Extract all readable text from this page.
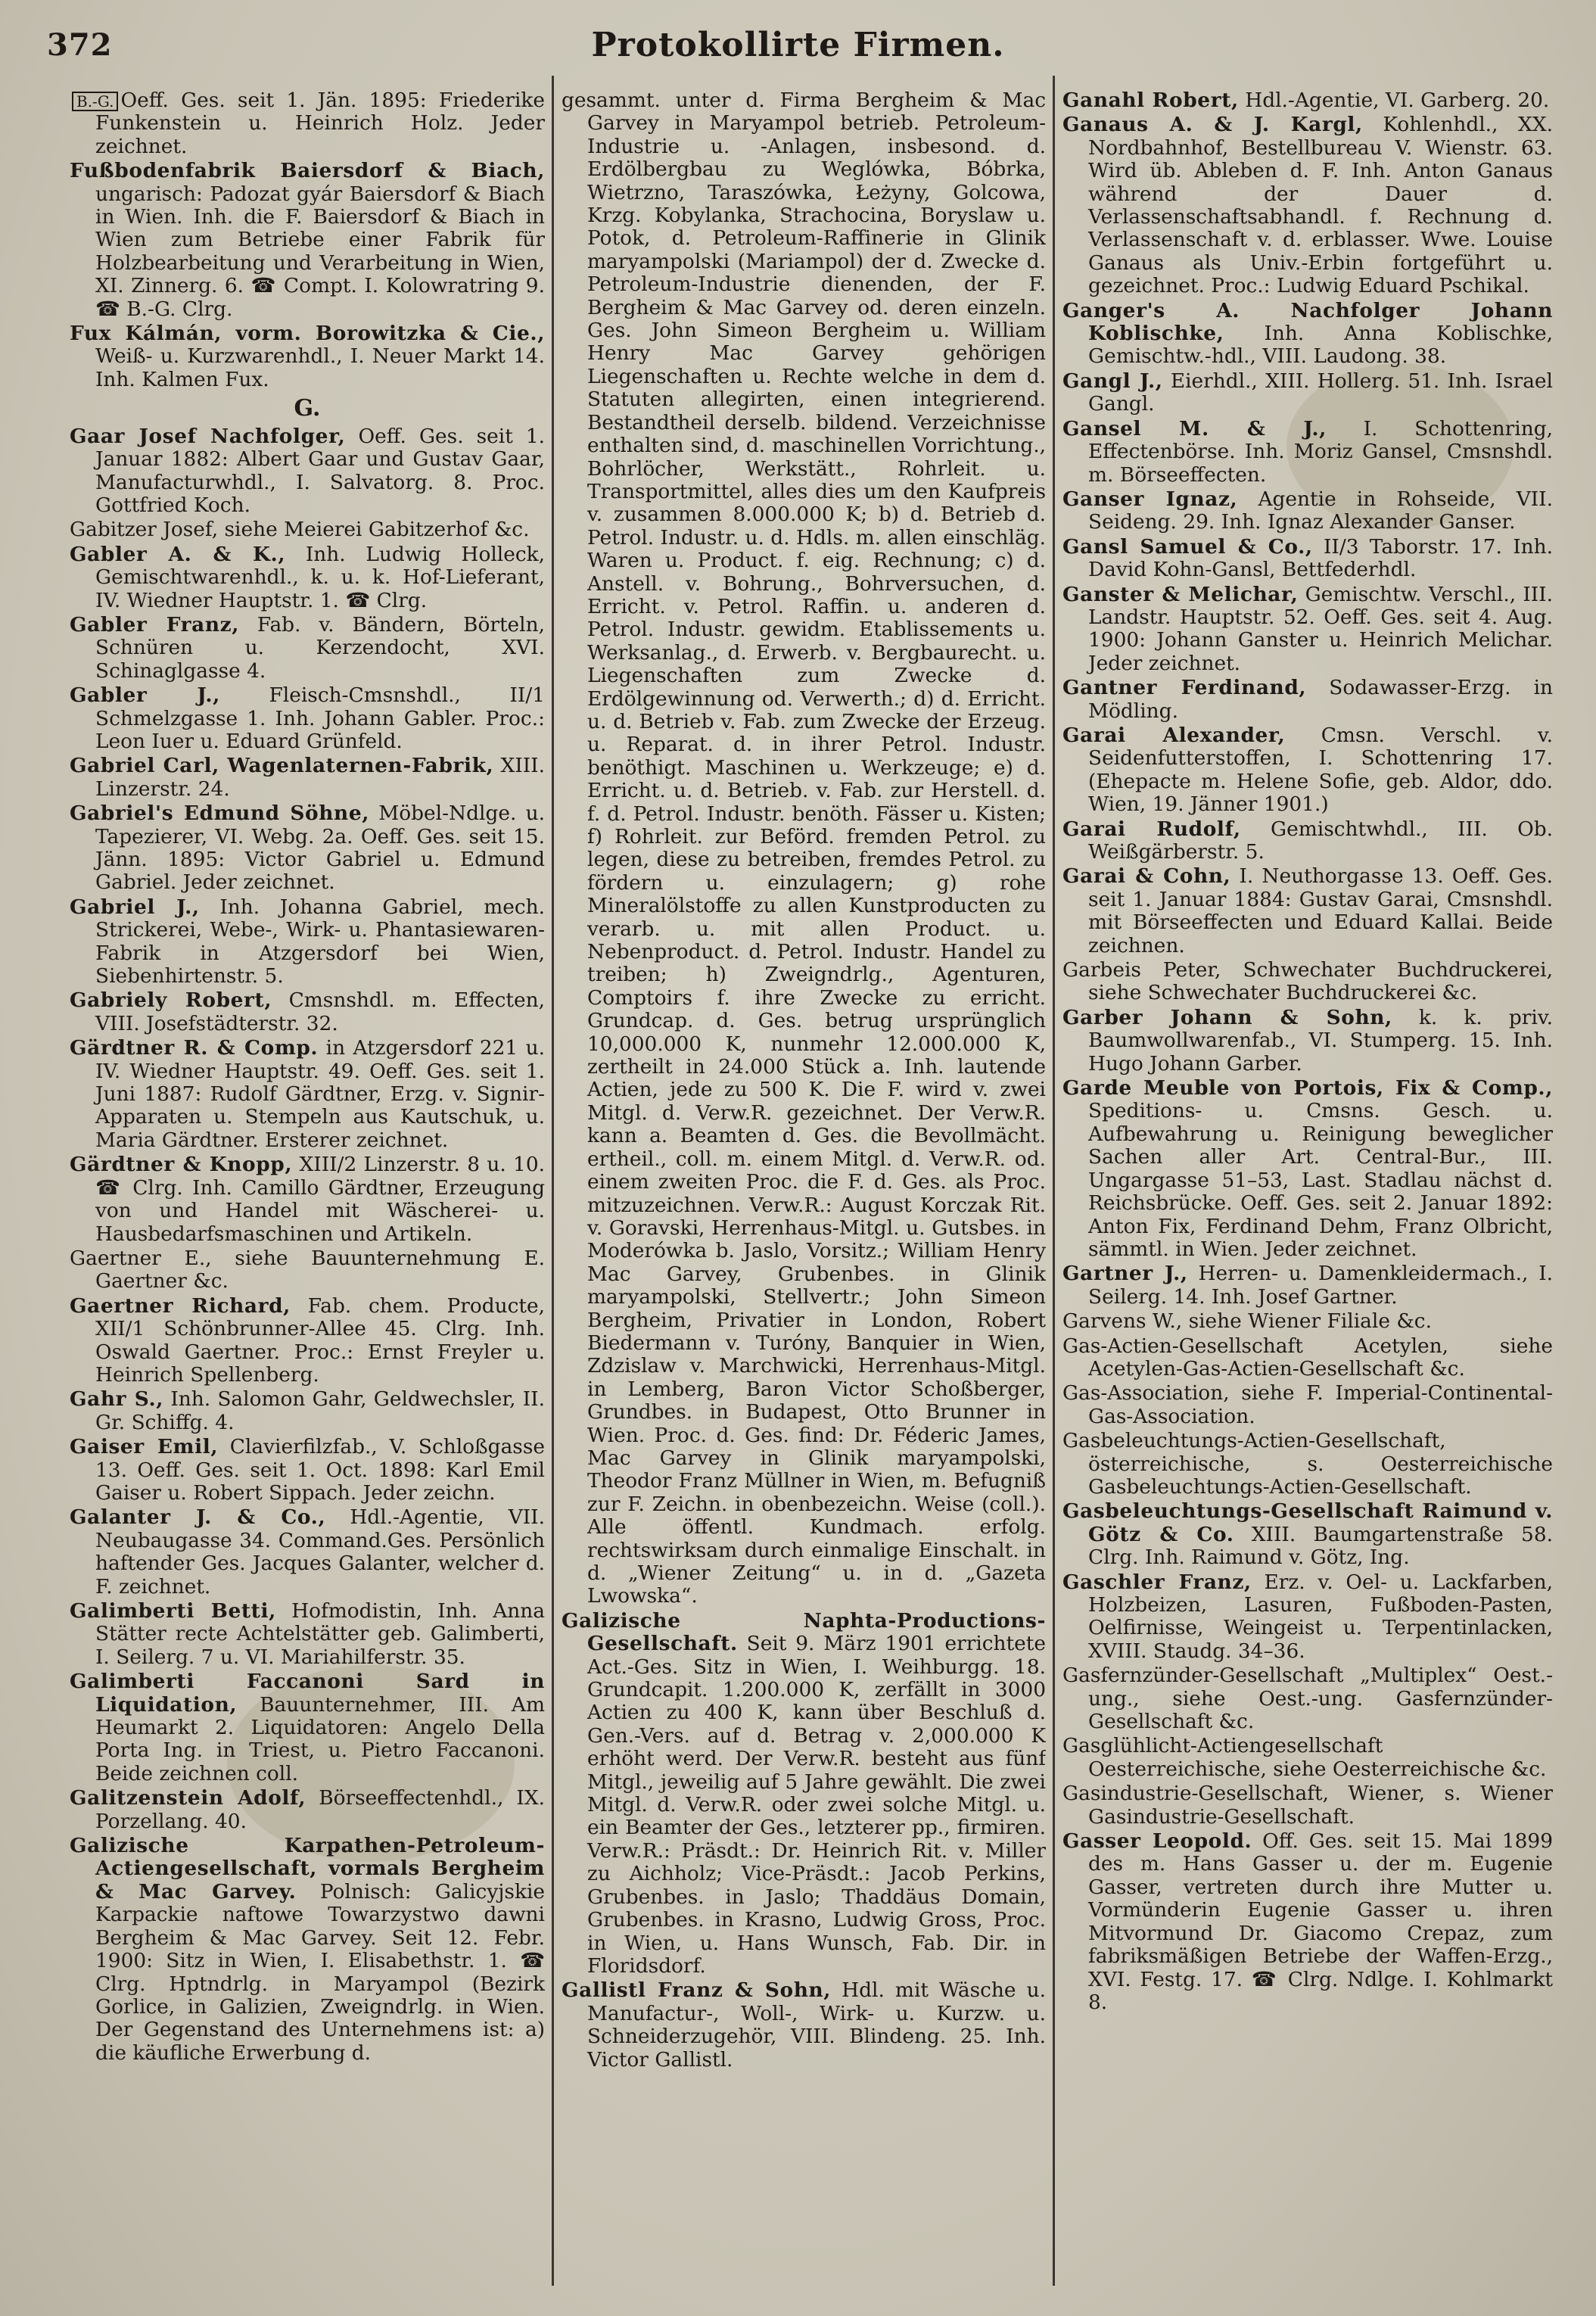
372	Protokollirte Firmen.
B.-G. Oeff. Ges. seit 1. Jän. 1895: Friederike Funkenstein u. Heinrich Holz. Jeder zeichnet.
Fußbodenfabrik Baiersdorf & Biach, ungarisch: Padozat gyár Baiersdorf & Biach in Wien. Inh. die F. Baiersdorf & Biach in Wien zum Betriebe einer Fabrik für Holzbearbeitung und Verarbeitung in Wien, XI. Zinnerg. 6. ☎ Compt. I. Kolowratring 9. ☎ B.-G. Clrg.
Fux Kálmán, vorm. Borowitzka & Cie., Weiß- u. Kurzwarenhdl., I. Neuer Markt 14. Inh. Kalmen Fux.
G.
Gaar Josef Nachfolger, Oeff. Ges. seit 1. Januar 1882: Albert Gaar und Gustav Gaar, Manufacturwhdl., I. Salvatorg. 8. Proc. Gottfried Koch.
Gabitzer Josef, siehe Meierei Gabitzerhof &c.
Gabler A. & K., Inh. Ludwig Holleck, Gemischtwarenhdl., k. u. k. Hof-Lieferant, IV. Wiedner Hauptstr. 1. ☎ Clrg.
Gabler Franz, Fab. v. Bändern, Börteln, Schnüren u. Kerzendocht, XVI. Schinaglgasse 4.
Gabler J., Fleisch-Cmsnshdl., II/1 Schmelzgasse 1. Inh. Johann Gabler. Proc.: Leon Iuer u. Eduard Grünfeld.
Gabriel Carl, Wagenlaternen-Fabrik, XIII. Linzerstr. 24.
Gabriel's Edmund Söhne, Möbel-Ndlge. u. Tapezierer, VI. Webg. 2a. Oeff. Ges. seit 15. Jänn. 1895: Victor Gabriel u. Edmund Gabriel. Jeder zeichnet.
Gabriel J., Inh. Johanna Gabriel, mech. Strickerei, Webe-, Wirk- u. Phantasiewaren-Fabrik in Atzgersdorf bei Wien, Siebenhirtenstr. 5.
Gabriely Robert, Cmsnshdl. m. Effecten, VIII. Josefstädterstr. 32.
Gärdtner R. & Comp. in Atzgersdorf 221 u. IV. Wiedner Hauptstr. 49. Oeff. Ges. seit 1. Juni 1887: Rudolf Gärdtner, Erzg. v. Signir-Apparaten u. Stempeln aus Kautschuk, u. Maria Gärdtner. Ersterer zeichnet.
Gärdtner & Knopp, XIII/2 Linzerstr. 8 u. 10. ☎ Clrg. Inh. Camillo Gärdtner, Erzeugung von und Handel mit Wäscherei- u. Hausbedarfsmaschinen und Artikeln.
Gaertner E., siehe Bauunternehmung E. Gaertner &c.
Gaertner Richard, Fab. chem. Producte, XII/1 Schönbrunner-Allee 45. Clrg. Inh. Oswald Gaertner. Proc.: Ernst Freyler u. Heinrich Spellenberg.
Gahr S., Inh. Salomon Gahr, Geldwechsler, II. Gr. Schiffg. 4.
Gaiser Emil, Clavierfilzfab., V. Schloßgasse 13. Oeff. Ges. seit 1. Oct. 1898: Karl Emil Gaiser u. Robert Sippach. Jeder zeichn.
Galanter J. & Co., Hdl.-Agentie, VII. Neubaugasse 34. Command.Ges. Persönlich haftender Ges. Jacques Galanter, welcher d. F. zeichnet.
Galimberti Betti, Hofmodistin, Inh. Anna Stätter recte Achtelstätter geb. Galimberti, I. Seilerg. 7 u. VI. Mariahilferstr. 35.
Galimberti Faccanoni Sard in Liquidation, Bauunternehmer, III. Am Heumarkt 2. Liquidatoren: Angelo Della Porta Ing. in Triest, u. Pietro Faccanoni. Beide zeichnen coll.
Galitzenstein Adolf, Börseeffectenhdl., IX. Porzellang. 40.
Galizische Karpathen-Petroleum-Actiengesellschaft, vormals Bergheim & Mac Garvey. Polnisch: Galicyjskie Karpackie naftowe Towarzystwo dawni Bergheim & Mac Garvey. Seit 12. Febr. 1900: Sitz in Wien, I. Elisabethstr. 1. ☎ Clrg. Hptndrlg. in Maryampol (Bezirk Gorlice, in Galizien, Zweigndrlg. in Wien. Der Gegenstand des Unternehmens ist: a) die käufliche Erwerbung d.
gesammt. unter d. Firma Bergheim & Mac Garvey in Maryampol betrieb. Petroleum-Industrie u. -Anlagen, insbesond. d. Erdölbergbau zu Weglówka, Bóbrka, Wietrzno, Taraszówka, Łeżyny, Golcowa, Krzg. Kobylanka, Strachocina, Boryslaw u. Potok, d. Petroleum-Raffinerie in Glinik maryampolski (Mariampol) der d. Zwecke d. Petroleum-Industrie dienenden, der F. Bergheim & Mac Garvey od. deren einzeln. Ges. John Simeon Bergheim u. William Henry Mac Garvey gehörigen Liegenschaften u. Rechte welche in dem d. Statuten allegirten, einen integrierend. Bestandtheil derselb. bildend. Verzeichnisse enthalten sind, d. maschinellen Vorrichtung., Bohrlöcher, Werkstätt., Rohrleit. u. Transportmittel, alles dies um den Kaufpreis v. zusammen 8.000.000 K; b) d. Betrieb d. Petrol. Industr. u. d. Hdls. m. allen einschläg. Waren u. Product. f. eig. Rechnung; c) d. Anstell. v. Bohrung., Bohrversuchen, d. Erricht. v. Petrol. Raffin. u. anderen d. Petrol. Industr. gewidm. Etablissements u. Werksanlag., d. Erwerb. v. Bergbaurecht. u. Liegenschaften zum Zwecke d. Erdölgewinnung od. Verwerth.; d) d. Erricht. u. d. Betrieb v. Fab. zum Zwecke der Erzeug. u. Reparat. d. in ihrer Petrol. Industr. benöthigt. Maschinen u. Werkzeuge; e) d. Erricht. u. d. Betrieb. v. Fab. zur Herstell. d. f. d. Petrol. Industr. benöth. Fässer u. Kisten; f) Rohrleit. zur Beförd. fremden Petrol. zu legen, diese zu betreiben, fremdes Petrol. zu fördern u. einzulagern; g) rohe Mineralölstoffe zu allen Kunstproducten zu verarb. u. mit allen Product. u. Nebenproduct. d. Petrol. Industr. Handel zu treiben; h) Zweigndrlg., Agenturen, Comptoirs f. ihre Zwecke zu erricht. Grundcap. d. Ges. betrug ursprünglich 10,000.000 K, nunmehr 12.000.000 K, zertheilt in 24.000 Stück a. Inh. lautende Actien, jede zu 500 K. Die F. wird v. zwei Mitgl. d. Verw.R. gezeichnet. Der Verw.R. kann a. Beamten d. Ges. die Bevollmächt. ertheil., coll. m. einem Mitgl. d. Verw.R. od. einem zweiten Proc. die F. d. Ges. als Proc. mitzuzeichnen. Verw.R.: August Korczak Rit. v. Goravski, Herrenhaus-Mitgl. u. Gutsbes. in Moderówka b. Jaslo, Vorsitz.; William Henry Mac Garvey, Grubenbes. in Glinik maryampolski, Stellvertr.; John Simeon Bergheim, Privatier in London, Robert Biedermann v. Turóny, Banquier in Wien, Zdzislaw v. Marchwicki, Herrenhaus-Mitgl. in Lemberg, Baron Victor Schoßberger, Grundbes. in Budapest, Otto Brunner in Wien. Proc. d. Ges. find: Dr. Féderic James, Mac Garvey in Glinik maryampolski, Theodor Franz Müllner in Wien, m. Befugniß zur F. Zeichn. in obenbezeichn. Weise (coll.). Alle öffentl. Kundmach. erfolg. rechtswirksam durch einmalige Einschalt. in d. „Wiener Zeitung“ u. in d. „Gazeta Lwowska“.
Galizische Naphta-Productions-Gesellschaft. Seit 9. März 1901 errichtete Act.-Ges. Sitz in Wien, I. Weihburgg. 18. Grundcapit. 1.200.000 K, zerfällt in 3000 Actien zu 400 K, kann über Beschluß d. Gen.-Vers. auf d. Betrag v. 2,000.000 K erhöht werd. Der Verw.R. besteht aus fünf Mitgl., jeweilig auf 5 Jahre gewählt. Die zwei Mitgl. d. Verw.R. oder zwei solche Mitgl. u. ein Beamter der Ges., letzterer pp., firmiren. Verw.R.: Präsdt.: Dr. Heinrich Rit. v. Miller zu Aichholz; Vice-Präsdt.: Jacob Perkins, Grubenbes. in Jaslo; Thaddäus Domain, Grubenbes. in Krasno, Ludwig Gross, Proc. in Wien, u. Hans Wunsch, Fab. Dir. in Floridsdorf.
Gallistl Franz & Sohn, Hdl. mit Wäsche u. Manufactur-, Woll-, Wirk- u. Kurzw. u. Schneiderzugehör, VIII. Blindeng. 25. Inh. Victor Gallistl.
Ganahl Robert, Hdl.-Agentie, VI. Garberg. 20.
Ganaus A. & J. Kargl, Kohlenhdl., XX. Nordbahnhof, Bestellbureau V. Wienstr. 63. Wird üb. Ableben d. F. Inh. Anton Ganaus während der Dauer d. Verlassenschaftsabhandl. f. Rechnung d. Verlassenschaft v. d. erblasser. Wwe. Louise Ganaus als Univ.-Erbin fortgeführt u. gezeichnet. Proc.: Ludwig Eduard Pschikal.
Ganger's A. Nachfolger Johann Koblischke, Inh. Anna Koblischke, Gemischtw.-hdl., VIII. Laudong. 38.
Gangl J., Eierhdl., XIII. Hollerg. 51. Inh. Israel Gangl.
Gansel M. & J., I. Schottenring, Effectenbörse. Inh. Moriz Gansel, Cmsnshdl. m. Börseeffecten.
Ganser Ignaz, Agentie in Rohseide, VII. Seideng. 29. Inh. Ignaz Alexander Ganser.
Gansl Samuel & Co., II/3 Taborstr. 17. Inh. David Kohn-Gansl, Bettfederhdl.
Ganster & Melichar, Gemischtw. Verschl., III. Landstr. Hauptstr. 52. Oeff. Ges. seit 4. Aug. 1900: Johann Ganster u. Heinrich Melichar. Jeder zeichnet.
Gantner Ferdinand, Sodawasser-Erzg. in Mödling.
Garai Alexander, Cmsn. Verschl. v. Seidenfutterstoffen, I. Schottenring 17. (Ehepacte m. Helene Sofie, geb. Aldor, ddo. Wien, 19. Jänner 1901.)
Garai Rudolf, Gemischtwhdl., III. Ob. Weißgärberstr. 5.
Garai & Cohn, I. Neuthorgasse 13. Oeff. Ges. seit 1. Januar 1884: Gustav Garai, Cmsnshdl. mit Börseeffecten und Eduard Kallai. Beide zeichnen.
Garbeis Peter, Schwechater Buchdruckerei, siehe Schwechater Buchdruckerei &c.
Garber Johann & Sohn, k. k. priv. Baumwollwarenfab., VI. Stumperg. 15. Inh. Hugo Johann Garber.
Garde Meuble von Portois, Fix & Comp., Speditions- u. Cmsns. Gesch. u. Aufbewahrung u. Reinigung beweglicher Sachen aller Art. Central-Bur., III. Ungargasse 51–53, Last. Stadlau nächst d. Reichsbrücke. Oeff. Ges. seit 2. Januar 1892: Anton Fix, Ferdinand Dehm, Franz Olbricht, sämmtl. in Wien. Jeder zeichnet.
Gartner J., Herren- u. Damenkleidermach., I. Seilerg. 14. Inh. Josef Gartner.
Garvens W., siehe Wiener Filiale &c.
Gas-Actien-Gesellschaft Acetylen, siehe Acetylen-Gas-Actien-Gesellschaft &c.
Gas-Association, siehe F. Imperial-Continental-Gas-Association.
Gasbeleuchtungs-Actien-Gesellschaft, österreichische, s. Oesterreichische Gasbeleuchtungs-Actien-Gesellschaft.
Gasbeleuchtungs-Gesellschaft Raimund v. Götz & Co. XIII. Baumgartenstraße 58. Clrg. Inh. Raimund v. Götz, Ing.
Gaschler Franz, Erz. v. Oel- u. Lackfarben, Holzbeizen, Lasuren, Fußboden-Pasten, Oelfirnisse, Weingeist u. Terpentinlacken, XVIII. Staudg. 34–36.
Gasfernzünder-Gesellschaft „Multiplex“ Oest.-ung., siehe Oest.-ung. Gasfernzünder-Gesellschaft &c.
Gasglühlicht-Actiengesellschaft Oesterreichische, siehe Oesterreichische &c.
Gasindustrie-Gesellschaft, Wiener, s. Wiener Gasindustrie-Gesellschaft.
Gasser Leopold. Off. Ges. seit 15. Mai 1899 des m. Hans Gasser u. der m. Eugenie Gasser, vertreten durch ihre Mutter u. Vormünderin Eugenie Gasser u. ihren Mitvormund Dr. Giacomo Crepaz, zum fabriksmäßigen Betriebe der Waffen-Erzg., XVI. Festg. 17. ☎ Clrg. Ndlge. I. Kohlmarkt 8.
